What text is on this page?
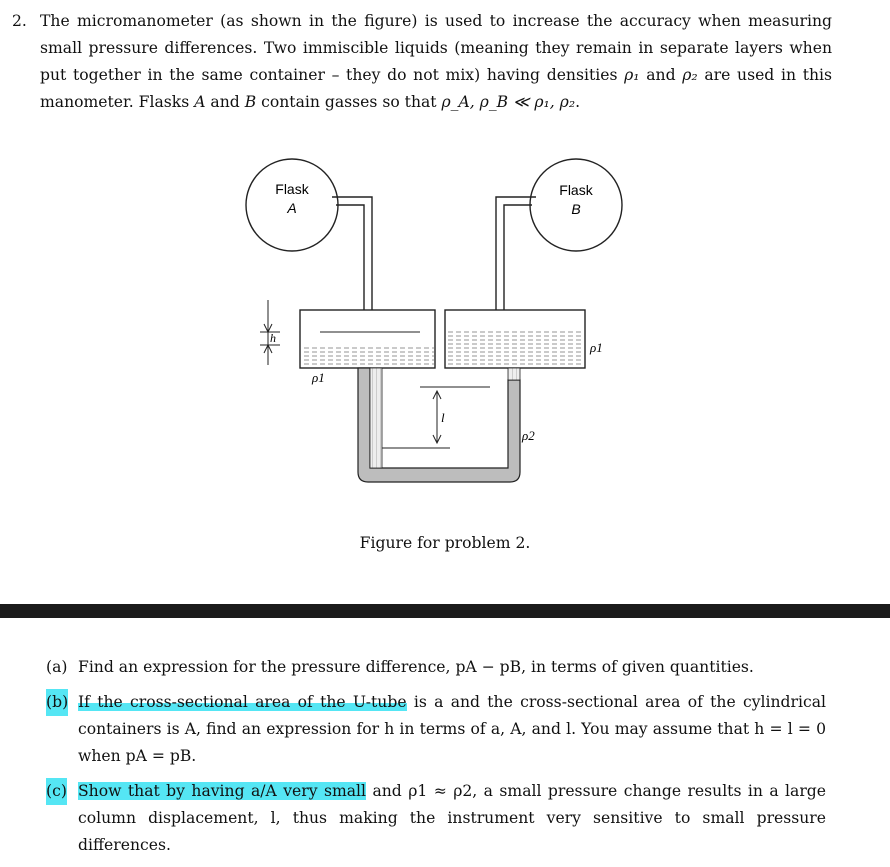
2. The micromanometer (as shown in the figure) is used to increase the accuracy when measuring small pressure differences. Two immiscible liquids (meaning they remain in separate layers when put together in the same container – they do not mix) having densities ρ₁ and ρ₂ are used in this manometer. Flasks A and B contain gasses so that ρ_A, ρ_B ≪ ρ₁, ρ₂.
Flask
A
Flask
B
l
h
ρ1
ρ1
ρ2
Figure for problem 2.
(a) Find an expression for the pressure difference, pA − pB, in terms of given quantities.
(b) If the cross-sectional area of the U-tube is a and the cross-sectional area of the cylindrical containers is A, find an expression for h in terms of a, A, and l. You may assume that h = l = 0 when pA = pB.
(c) Show that by having a/A very small and ρ1 ≈ ρ2, a small pressure change results in a large column displacement, l, thus making the instrument very sensitive to small pressure differences.
